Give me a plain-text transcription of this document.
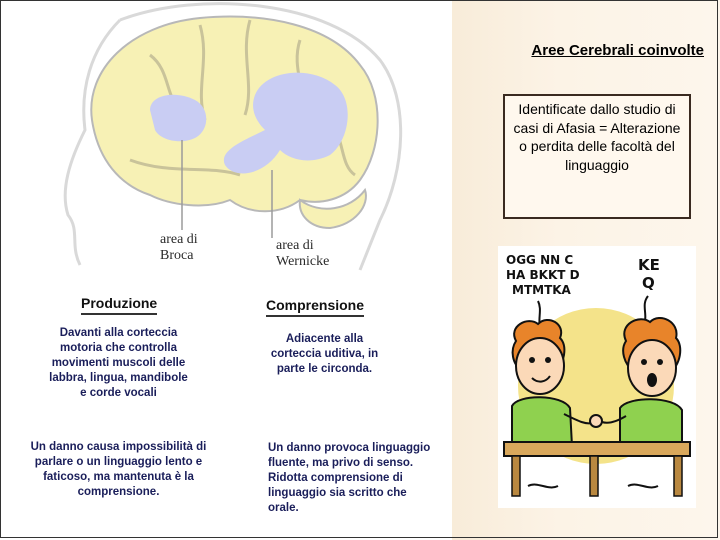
area di
Broca
area di
Wernicke
Produzione
Davanti alla corteccia
motoria che controlla
movimenti muscoli delle
labbra, lingua, mandibole
e corde vocali
Un danno causa impossibilità di
parlare o un linguaggio lento e
faticoso, ma mantenuta è la
comprensione.
Comprensione
Adiacente alla
corteccia uditiva, in
parte le circonda.
Un danno provoca linguaggio
fluente, ma privo di senso.
Ridotta comprensione di
linguaggio sia scritto che
orale.
Aree Cerebrali coinvolte
Identificate dallo studio di casi di Afasia = Alterazione o perdita delle facoltà del linguaggio
OGG NN C
HA BKKT D
MTMTKA
KE
Q
